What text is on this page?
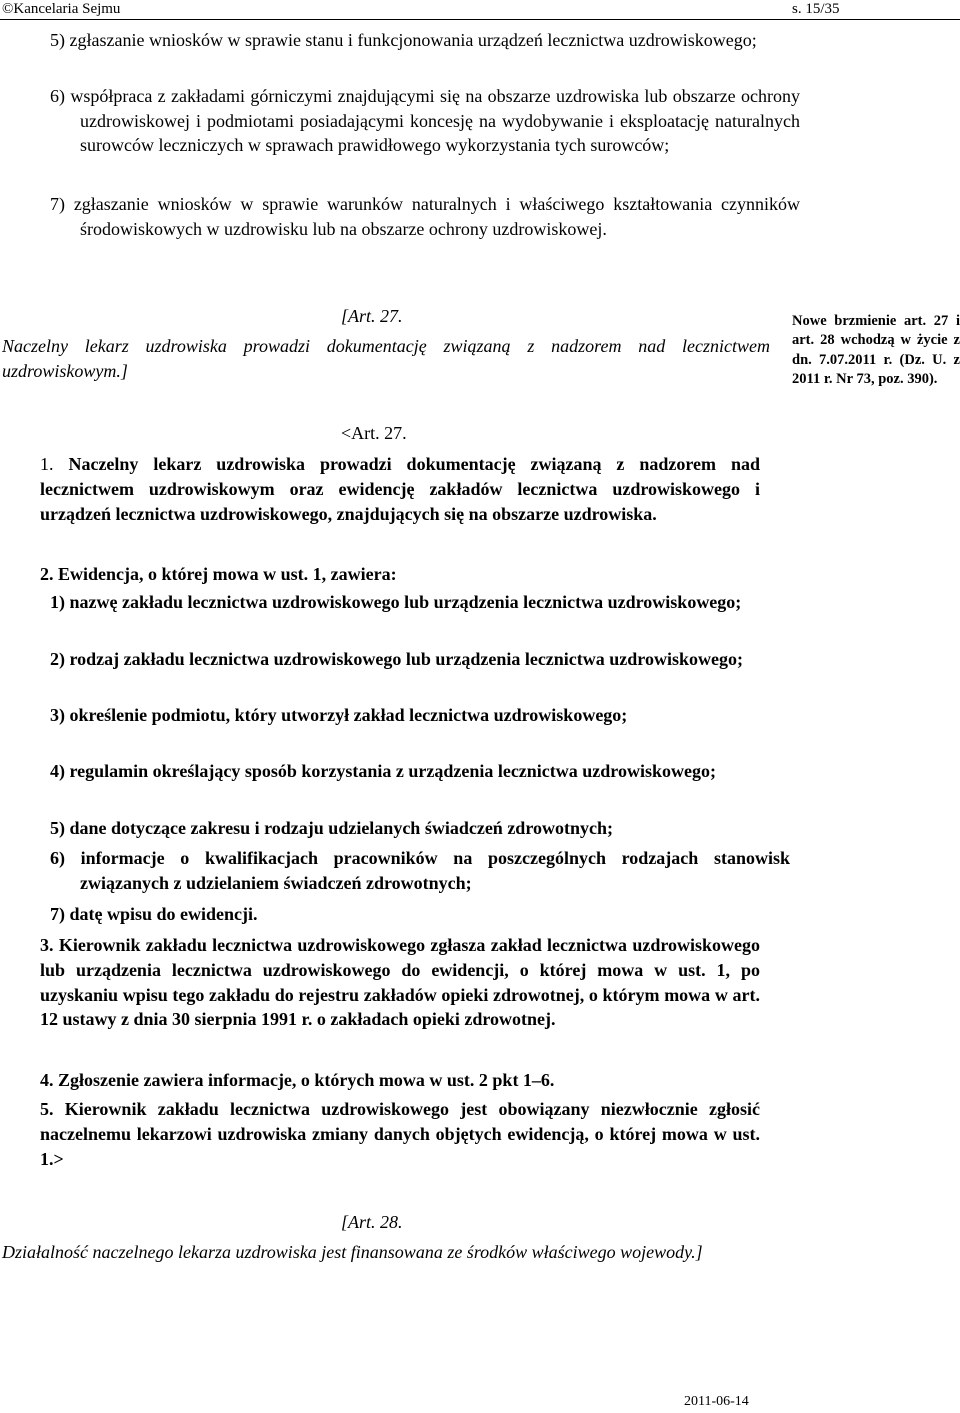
©Kancelaria Sejmu	s. 15/35
5) zgłaszanie wniosków w sprawie stanu i funkcjonowania urządzeń lecznictwa uzdrowiskowego;
6) współpraca z zakładami górniczymi znajdującymi się na obszarze uzdrowiska lub obszarze ochrony uzdrowiskowej i podmiotami posiadającymi koncesję na wydobywanie i eksploatację naturalnych surowców leczniczych w sprawach prawidłowego wykorzystania tych surowców;
7) zgłaszanie wniosków w sprawie warunków naturalnych i właściwego kształtowania czynników środowiskowych w uzdrowisku lub na obszarze ochrony uzdrowiskowej.
[Art. 27.
Naczelny lekarz uzdrowiska prowadzi dokumentację związaną z nadzorem nad lecznictwem uzdrowiskowym.]
Nowe brzmienie art. 27 i art. 28 wchodzą w życie z dn. 7.07.2011 r. (Dz. U. z 2011 r. Nr 73, poz. 390).
<Art. 27.
1. Naczelny lekarz uzdrowiska prowadzi dokumentację związaną z nadzorem nad lecznictwem uzdrowiskowym oraz ewidencję zakładów lecznictwa uzdrowiskowego i urządzeń lecznictwa uzdrowiskowego, znajdujących się na obszarze uzdrowiska.
2. Ewidencja, o której mowa w ust. 1, zawiera:
1) nazwę zakładu lecznictwa uzdrowiskowego lub urządzenia lecznictwa uzdrowiskowego;
2) rodzaj zakładu lecznictwa uzdrowiskowego lub urządzenia lecznictwa uzdrowiskowego;
3) określenie podmiotu, który utworzył zakład lecznictwa uzdrowiskowego;
4) regulamin określający sposób korzystania z urządzenia lecznictwa uzdrowiskowego;
5) dane dotyczące zakresu i rodzaju udzielanych świadczeń zdrowotnych;
6) informacje o kwalifikacjach pracowników na poszczególnych rodzajach stanowisk związanych z udzielaniem świadczeń zdrowotnych;
7) datę wpisu do ewidencji.
3. Kierownik zakładu lecznictwa uzdrowiskowego zgłasza zakład lecznictwa uzdrowiskowego lub urządzenia lecznictwa uzdrowiskowego do ewidencji, o której mowa w ust. 1, po uzyskaniu wpisu tego zakładu do rejestru zakładów opieki zdrowotnej, o którym mowa w art. 12 ustawy z dnia 30 sierpnia 1991 r. o zakładach opieki zdrowotnej.
4. Zgłoszenie zawiera informacje, o których mowa w ust. 2 pkt 1–6.
5. Kierownik zakładu lecznictwa uzdrowiskowego jest obowiązany niezwłocznie zgłosić naczelnemu lekarzowi uzdrowiska zmiany danych objętych ewidencją, o której mowa w ust. 1.>
[Art. 28.
Działalność naczelnego lekarza uzdrowiska jest finansowana ze środków właściwego wojewody.]
2011-06-14
